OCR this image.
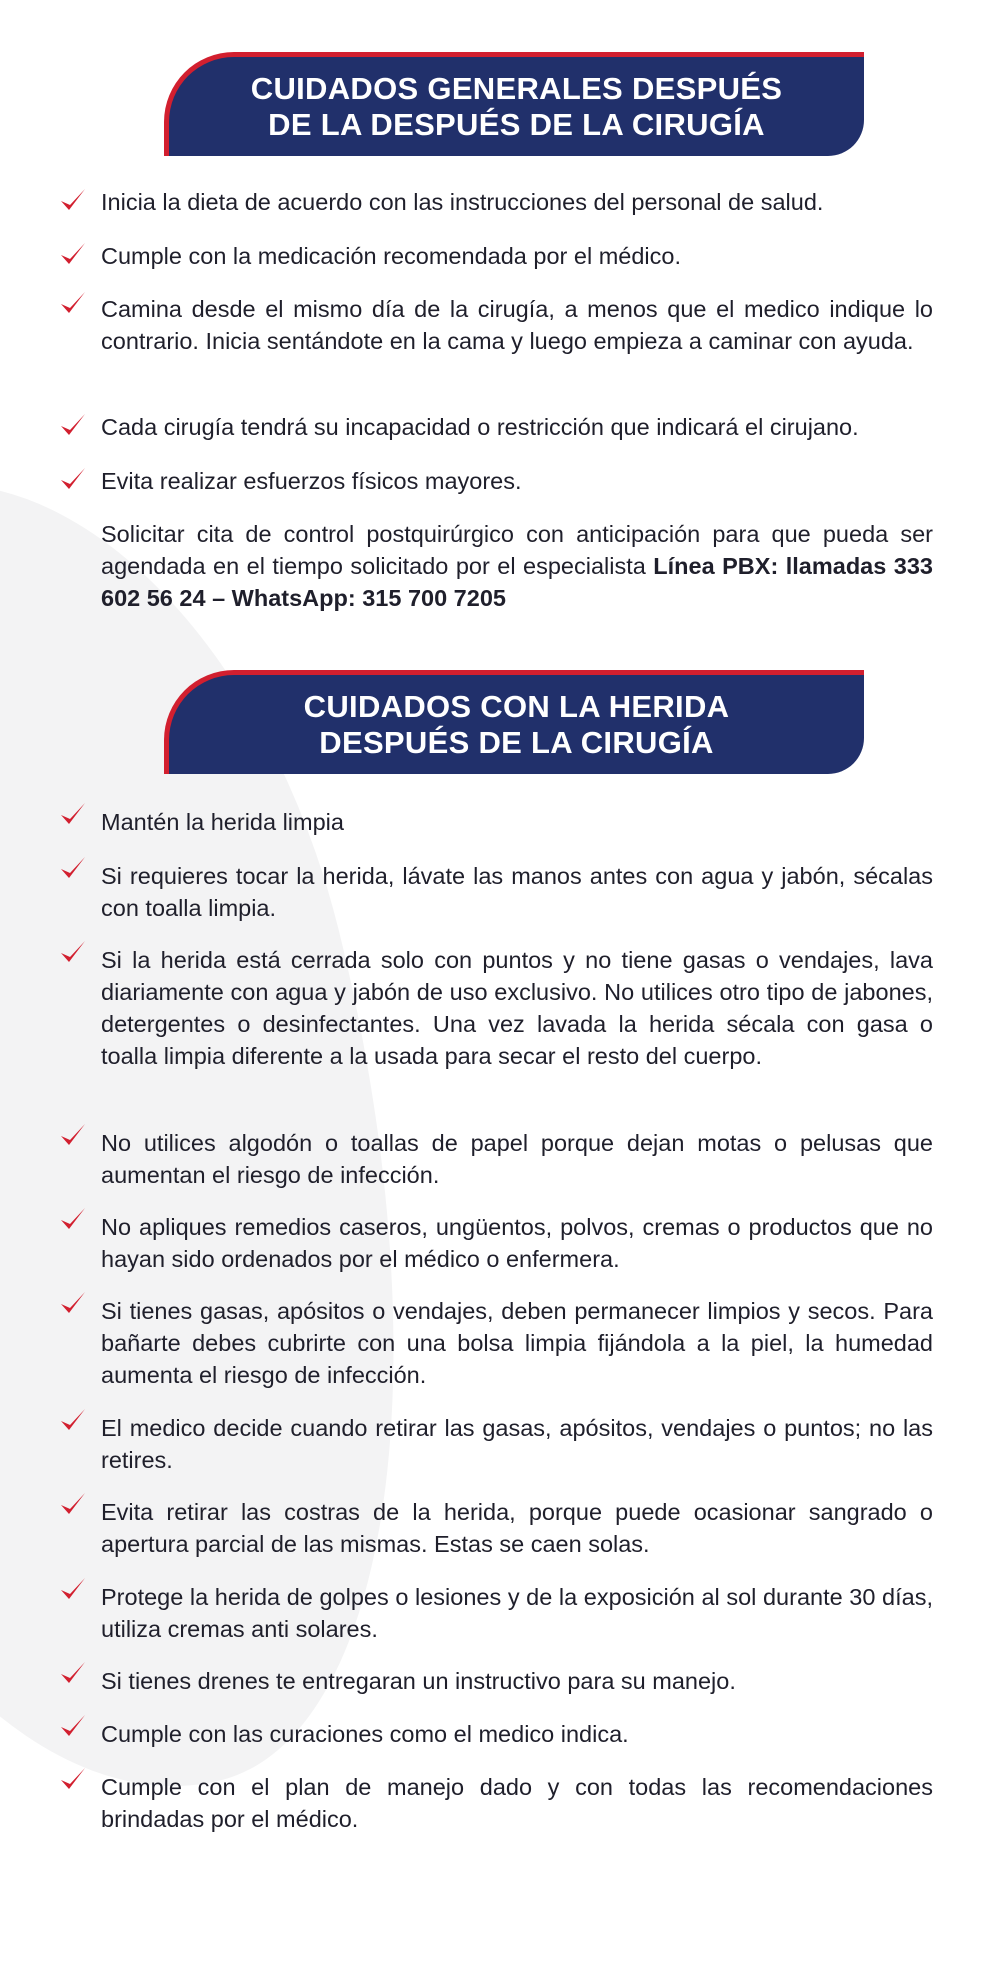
CUIDADOS GENERALES DESPUÉS
DE LA DESPUÉS DE LA CIRUGÍA
Inicia la dieta de acuerdo con las instrucciones del personal de salud.
Cumple con la medicación recomendada por el médico.
Camina desde el mismo día de la cirugía, a menos que el medico indique lo contrario. Inicia sentándote en la cama y luego empieza a caminar con ayuda.
Cada cirugía tendrá su incapacidad o restricción que indicará el cirujano.
Evita realizar esfuerzos físicos mayores.
Solicitar cita de control postquirúrgico con anticipación para que pueda ser agendada en el tiempo solicitado por el especialista Línea PBX: llamadas 333 602 56 24 – WhatsApp: 315 700 7205
CUIDADOS CON LA HERIDA
DESPUÉS DE LA CIRUGÍA
Mantén la herida limpia
Si requieres tocar la herida, lávate las manos antes con agua y jabón, sécalas con toalla limpia.
Si la herida está cerrada solo con puntos y no tiene gasas o vendajes, lava diariamente con agua y jabón de uso exclusivo. No utilices otro tipo de jabones, detergentes o desinfectantes. Una vez lavada la herida sécala con gasa o toalla limpia diferente a la usada para secar el resto del cuerpo.
No utilices algodón o toallas de papel porque dejan motas o pelusas que aumentan el riesgo de infección.
No apliques remedios caseros, ungüentos, polvos, cremas o productos que no hayan sido ordenados por el médico o enfermera.
Si tienes gasas, apósitos o vendajes, deben permanecer limpios y secos. Para bañarte debes cubrirte con una bolsa limpia fijándola a la piel, la humedad aumenta el riesgo de infección.
El medico decide cuando retirar las gasas, apósitos, vendajes o puntos; no las retires.
Evita retirar las costras de la herida, porque puede ocasionar sangrado o apertura parcial de las mismas. Estas se caen solas.
Protege la herida de golpes o lesiones y de la exposición al sol durante 30 días, utiliza cremas anti solares.
Si tienes drenes te entregaran un instructivo para su manejo.
Cumple con las curaciones como el medico indica.
Cumple con el plan de manejo dado y con todas las recomendaciones brindadas por el médico.
